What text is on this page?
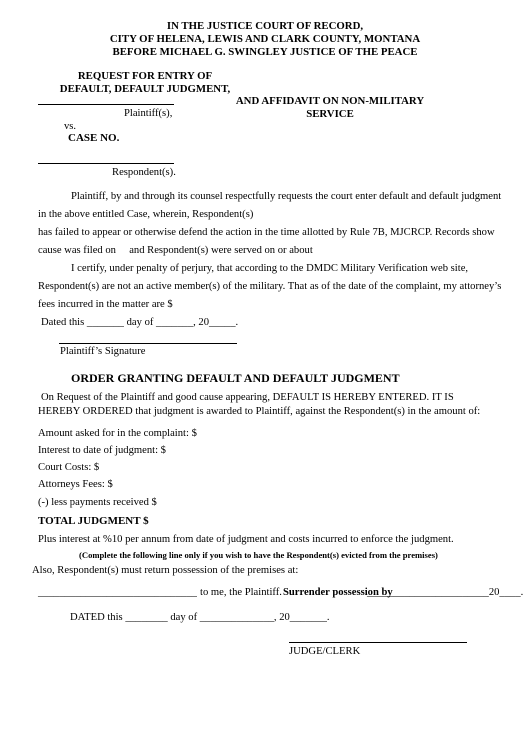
IN THE JUSTICE COURT OF RECORD,
CITY OF HELENA, LEWIS AND CLARK COUNTY, MONTANA
BEFORE MICHAEL G. SWINGLEY JUSTICE OF THE PEACE
REQUEST FOR ENTRY OF
DEFAULT, DEFAULT JUDGMENT,
Plaintiff(s),
AND AFFIDAVIT ON NON-MILITARY
SERVICE
vs.
CASE NO.
Respondent(s).
Plaintiff, by and through its counsel respectfully requests the court enter default and default judgment
in the above entitled Case, wherein, Respondent(s)
has failed to appear or otherwise defend the action in the time allotted by Rule 7B, MJCRCP. Records show
cause was filed on     and Respondent(s) were served on or about
I certify, under penalty of perjury, that according to the DMDC Military Verification web site,
Respondent(s) are not an active member(s) of the military. That as of the date of the complaint, my attorney’s
fees incurred in the matter are $
Dated this _______ day of _______, 20_____.
Plaintiff’s Signature
ORDER GRANTING DEFAULT AND DEFAULT JUDGMENT
On Request of the Plaintiff and good cause appearing, DEFAULT IS HEREBY ENTERED. IT IS
HEREBY ORDERED that judgment is awarded to Plaintiff, against the Respondent(s) in the amount of:
Amount asked for in the complaint: $
Interest to date of judgment: $
Court Costs: $
Attorneys Fees: $
(-) less payments received $
TOTAL JUDGMENT $
Plus interest at %10 per annum from date of judgment and costs incurred to enforce the judgment.
(Complete the following line only if you wish to have the Respondent(s) evicted from the premises)
Also, Respondent(s) must return possession of the premises at:
______________________________ to me, the Plaintiff. Surrender possession by
_______________________20____.
DATED this ________ day of ______________, 20_______.
JUDGE/CLERK
